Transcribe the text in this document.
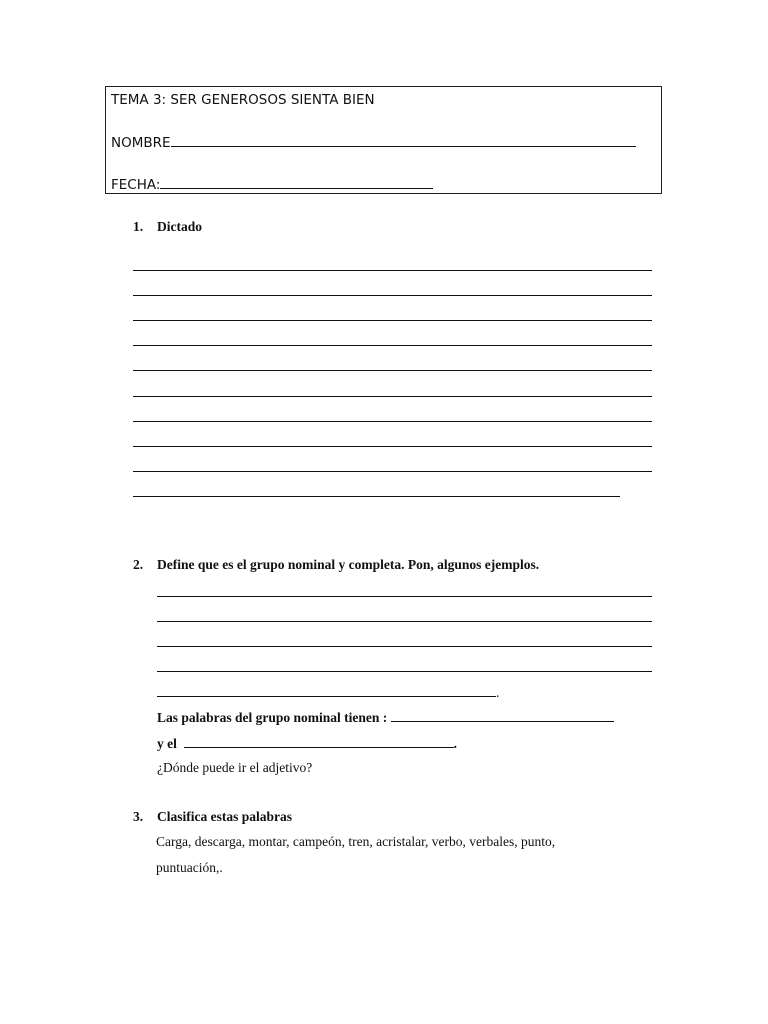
TEMA 3: SER GENEROSOS SIENTA BIEN
NOMBRE
FECHA:
1. Dictado
2. Define que es el grupo nominal y completa. Pon, algunos ejemplos.
.
Las palabras del grupo nominal tienen :
y el	.
¿Dónde puede ir el adjetivo?
3. Clasifica estas palabras
Carga, descarga, montar, campeón, tren, acristalar, verbo, verbales, punto,
puntuación,.
